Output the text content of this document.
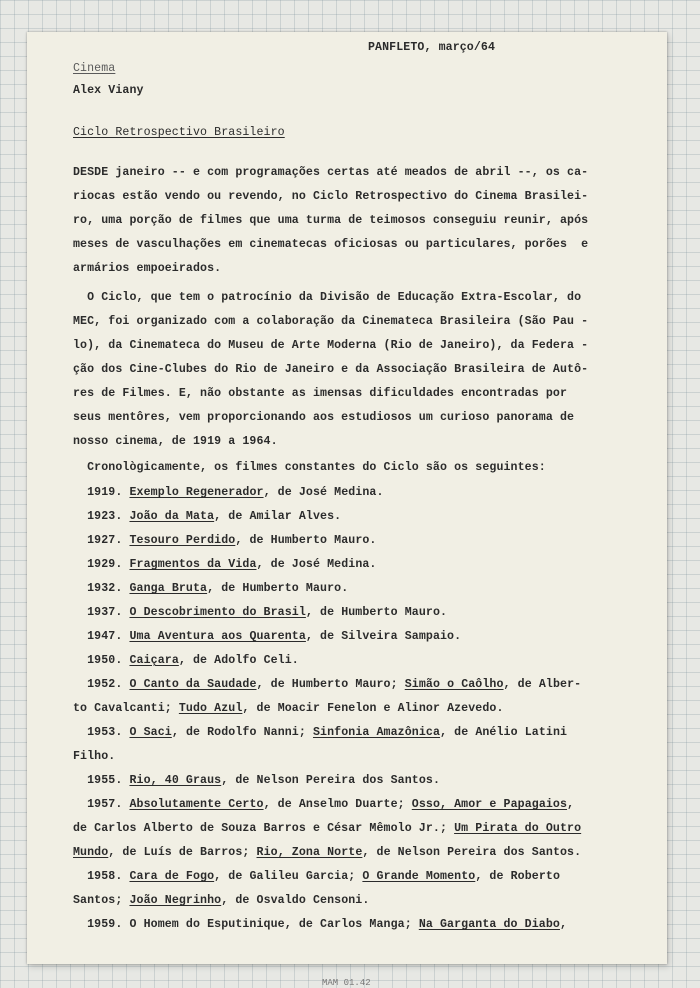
PANFLETO, março/64
Cinema
Alex Viany
Ciclo Retrospectivo Brasileiro
DESDE janeiro -- e com programações certas até meados de abril --, os ca-
riocas estão vendo ou revendo, no Ciclo Retrospectivo do Cinema Brasilei-
ro, uma porção de filmes que uma turma de teimosos conseguiu reunir, após
meses de vasculhações em cinematecas oficiosas ou particulares, porões  e
armários empoeirados.
O Ciclo, que tem o patrocínio da Divisão de Educação Extra-Escolar, do
MEC, foi organizado com a colaboração da Cinemateca Brasileira (São Pau -
lo), da Cinemateca do Museu de Arte Moderna (Rio de Janeiro), da Federa -
ção dos Cine-Clubes do Rio de Janeiro e da Associação Brasileira de Autô-
res de Filmes. E, não obstante as imensas dificuldades encontradas por
seus mentôres, vem proporcionando aos estudiosos um curioso panorama de
nosso cinema, de 1919 a 1964.
Cronològicamente, os filmes constantes do Ciclo são os seguintes:
1919. Exemplo Regenerador, de José Medina.
1923. João da Mata, de Amilar Alves.
1927. Tesouro Perdido, de Humberto Mauro.
1929. Fragmentos da Vida, de José Medina.
1932. Ganga Bruta, de Humberto Mauro.
1937. O Descobrimento do Brasil, de Humberto Mauro.
1947. Uma Aventura aos Quarenta, de Silveira Sampaio.
1950. Caiçara, de Adolfo Celi.
1952. O Canto da Saudade, de Humberto Mauro; Simão o Caôlho, de Alber-
to Cavalcanti; Tudo Azul, de Moacir Fenelon e Alinor Azevedo.
1953. O Saci, de Rodolfo Nanni; Sinfonia Amazônica, de Anélio Latini
Filho.
1955. Rio, 40 Graus, de Nelson Pereira dos Santos.
1957. Absolutamente Certo, de Anselmo Duarte; Osso, Amor e Papagaios,
de Carlos Alberto de Souza Barros e César Mêmolo Jr.; Um Pirata do Outro
Mundo, de Luís de Barros; Rio, Zona Norte, de Nelson Pereira dos Santos.
1958. Cara de Fogo, de Galileu Garcia; O Grande Momento, de Roberto
Santos; João Negrinho, de Osvaldo Censoni.
1959. O Homem do Esputinique, de Carlos Manga; Na Garganta do Diabo,
MAM 01.42
